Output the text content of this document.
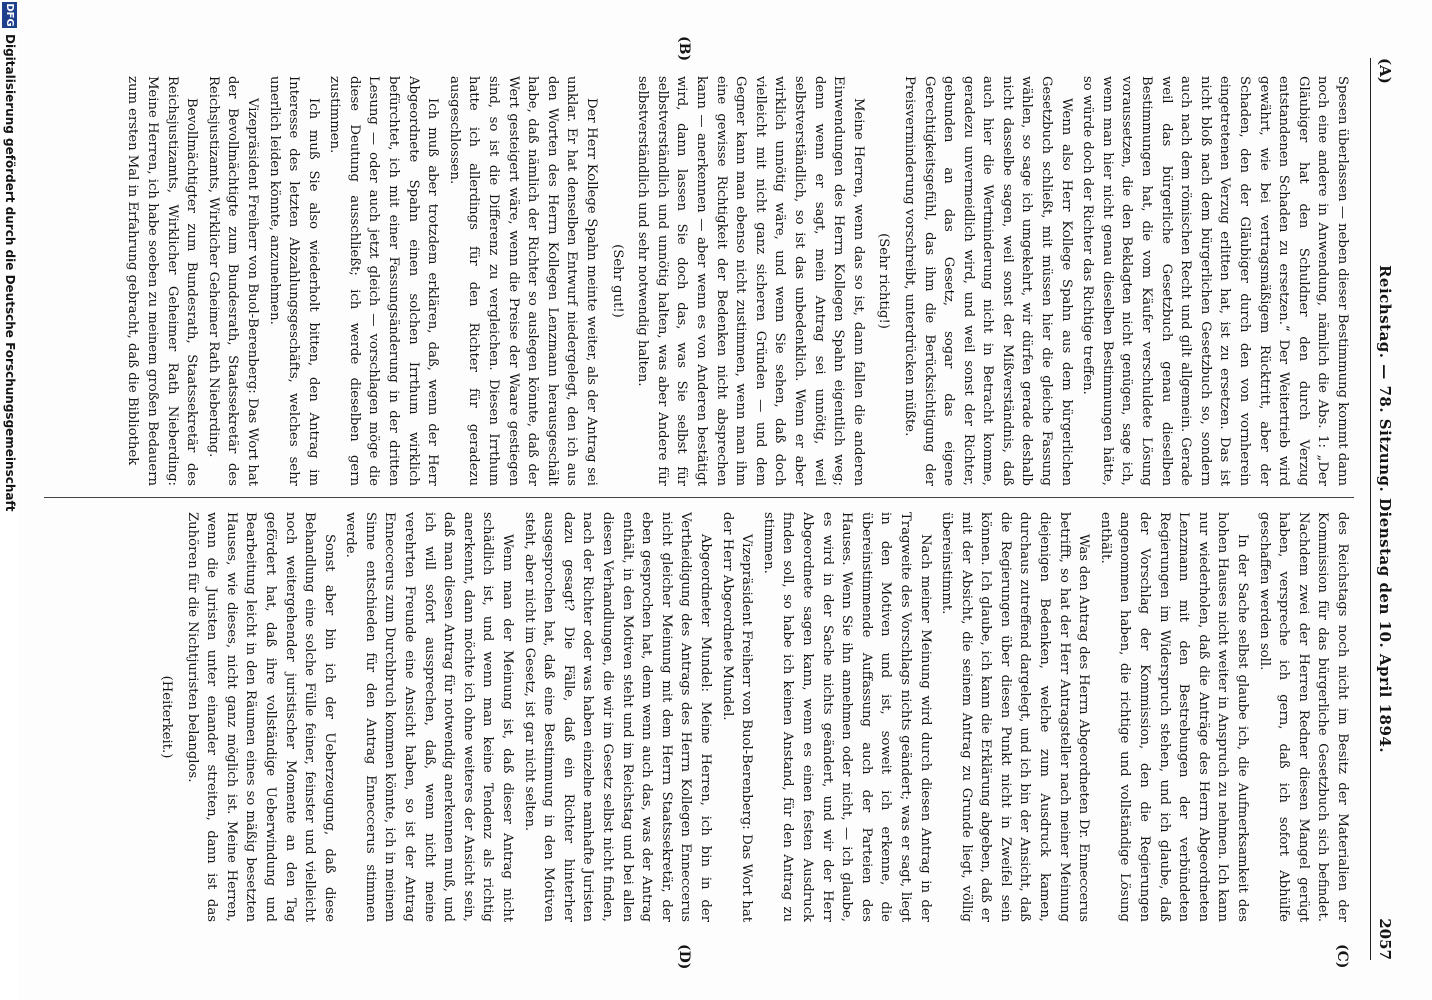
(A)
Reichstag. — 78. Sitzung. Dienstag den 10. April 1894.
2057
(B)
(C)
(D)

Spesen überlassen — neben dieser Bestimmung kommt dann noch eine andere in Anwendung, nämlich die Abs. 1: „Der Gläubiger hat den Schuldner den durch Verzug entstandenen Schaden zu ersetzen.“ Der Weitertrieb wird gewährt, wie bei vertragsmäßigem Rücktritt, aber der Schaden, den der Gläubiger durch den von vornherein eingetretenen Verzug erlitten hat, ist zu ersetzen. Das ist nicht bloß nach dem bürgerlichen Gesetzbuch so, sondern auch nach dem römischen Recht und gilt allgemein. Gerade weil das bürgerliche Gesetzbuch genau dieselben Bestimmungen hat, die vom Käufer verschuldete Lösung voraussetzen, die den Beklagten nicht genügen, sage ich, wenn man hier nicht genau dieselben Bestimmungen hätte, so würde doch der Richter das Richtige treffen.

Wenn also Herr Kollege Spahn aus dem bürgerlichen Gesetzbuch schließt, mit müssen hier die gleiche Fassung wählen, so sage ich umgekehrt, wir dürfen gerade deshalb nicht dasselbe sagen, weil sonst der Mißverständnis, daß auch hier die Wertminderung nicht in Betracht komme, geradezu unvermeidlich wird, und weil sonst der Richter, gebunden an das Gesetz, sogar das eigene Gerechtigkeitsgefühl, das ihm die Berücksichtigung der Preisverminderung vorschreibt, unterdrücken müßte.

(Sehr richtig!)

Meine Herren, wenn das so ist, dann fallen die anderen Einwendungen des Herrn Kollegen Spahn eigentlich weg; denn wenn er sagt, mein Antrag sei unnötig, weil selbstverständlich, so ist das unbedenklich. Wenn er aber wirklich unnötig wäre, und wenn Sie sehen, daß doch vielleicht mit nicht ganz sicheren Gründen — und dem Gegner kann man ebenso nicht zustimmen, wenn man ihm eine gewisse Richtigkeit der Bedenken nicht absprechen kann — anerkennen — aber wenn es von Anderen bestätigt wird, dann lassen Sie doch das, was Sie selbst für selbstverständlich und unnötig halten, was aber Andere für selbstverständlich und sehr notwendig halten.

(Sehr gut!)

Der Herr Kollege Spahn meinte weiter, als der Antrag sei unklar. Er hat denselben Entwurf niedergelegt, den ich aus den Worten des Herrn Kollegen Lenzmann herausgeschält habe, daß nämlich der Richter so auslegen könnte, daß der Wert gesteigert wäre, wenn die Preise der Waare gestiegen sind, so ist die Differenz zu vergleichen. Diesen Irrthum hatte ich allerdings für den Richter für geradezu ausgeschlossen.

Ich muß aber trotzdem erklären, daß, wenn der Herr Abgeordnete Spahn einen solchen Irrthum wirklich befürchtet, ich mit einer Fassungsänderung in der dritten Lesung — oder auch jetzt gleich — vorschlagen möge die diese Deutung ausschließt; ich werde dieselben gern zustimmen.

Ich muß Sie also wiederholt bitten, den Antrag im Interesse des letzten Abzahlungsgeschäfts, welches sehr unerlich leiden könnte, anzunehmen.

Vizepräsident Freiherr von Buol-Berenberg: Das Wort hat der Bevollmächtigte zum Bundesrath, Staatssekretär des Reichsjustizamts, Wirklicher Geheimer Rath Nieberding.

Bevollmächtigter zum Bundesrath, Staatssekretär des Reichsjustizamts, Wirklicher Geheimer Rath Nieberding: Meine Herren, ich habe soeben zu meinem großen Bedauern zum ersten Mal in Erfahrung gebracht, daß die Bibliothek

des Reichstags noch nicht im Besitz der Materialien der Kommission für das bürgerliche Gesetzbuch sich befindet. Nachdem zwei der Herren Redner diesen Mangel gerügt haben, verspreche ich gern, daß ich sofort Abhülfe geschaffen werden soll.

In der Sache selbst glaube ich, die Aufmerksamkeit des hohen Hauses nicht weiter in Anspruch zu nehmen. Ich kann nur wiederholen, daß die Anträge des Herrn Abgeordneten Lenzmann mit den Bestrebungen der verbündeten Regierungen im Widerspruch stehen, und ich glaube, daß der Vorschlag der Kommission, den die Regierungen angenommen haben, die richtige und vollständige Lösung enthält.

Was den Antrag des Herrn Abgeordneten Dr. Enneccerus betrifft, so hat der Herr Antragsteller nach meiner Meinung diejenigen Bedenken, welche zum Ausdruck kamen, durchaus zutreffend dargelegt, und ich bin der Ansicht, daß die Regierungen über diesen Punkt nicht in Zweifel sein können. Ich glaube, ich kann die Erklärung abgeben, daß er mit der Absicht, die seinem Antrag zu Grunde liegt, völlig übereinstimmt.

Nach meiner Meinung wird durch diesen Antrag in der Tragweite des Vorschlags nichts geändert; was er sagt, liegt in den Motiven und ist, soweit ich erkenne, die übereinstimmende Auffassung auch der Parteien des Hauses. Wenn Sie ihn annehmen oder nicht, — ich glaube, es wird in der Sache nichts geändert, und wir der Herr Abgeordnete sagen kann, wenn es einen festen Ausdruck finden soll, so habe ich keinen Anstand, für den Antrag zu stimmen.

Vizepräsident Freiherr von Buol-Berenberg: Das Wort hat der Herr Abgeordnete Mundel.

Abgeordneter Mundel: Meine Herren, ich bin in der Vertheidigung des Antrags des Herrn Kollegen Enneccerus nicht gleicher Meinung mit dem Herrn Staatssekretär, der eben gesprochen hat, denn wenn auch das, was der Antrag enthält, in den Motiven steht und im Reichstag und bei allen diesen Verhandlungen, die wir im Gesetz selbst nicht finden, nach der Richter oder was haben einzelne namhafte Juristen dazu gesagt? Die Fälle, daß ein Richter hinterher ausgesprochen hat, daß eine Bestimmung in den Motiven steht, aber nicht im Gesetz, ist gar nicht selten.

Wenn man der Meinung ist, daß dieser Antrag nicht schädlich ist, und wenn man keine Tendenz als richtig anerkennt, dann möchte ich ohne weiteres der Ansicht sein, daß man diesen Antrag für notwendig anerkennen muß, und ich will sofort aussprechen, daß, wenn nicht meine verehrten Freunde eine Ansicht haben, so ist der Antrag Enneccerus zum Durchbruch kommen könnte, ich in meinem Sinne entschieden für den Antrag Enneccerus stimmen werde.

Sonst aber bin ich der Ueberzeugung, daß diese Behandlung eine solche Fülle feiner, feinster und vielleicht noch weitergehender juristischer Momente an den Tag gefördert hat, daß ihre vollständige Ueberwindung und Bearbeitung leicht in den Räumen eines so mäßig besetzten Hauses, wie dieses, nicht ganz möglich ist. Meine Herren, wenn die Juristen unter einander streiten, dann ist das Zuhören für die Nichtjuristen belanglos.

(Heiterkeit.)

DFG
Digitalisierung gefördert durch die Deutsche Forschungsgemeinschaft
